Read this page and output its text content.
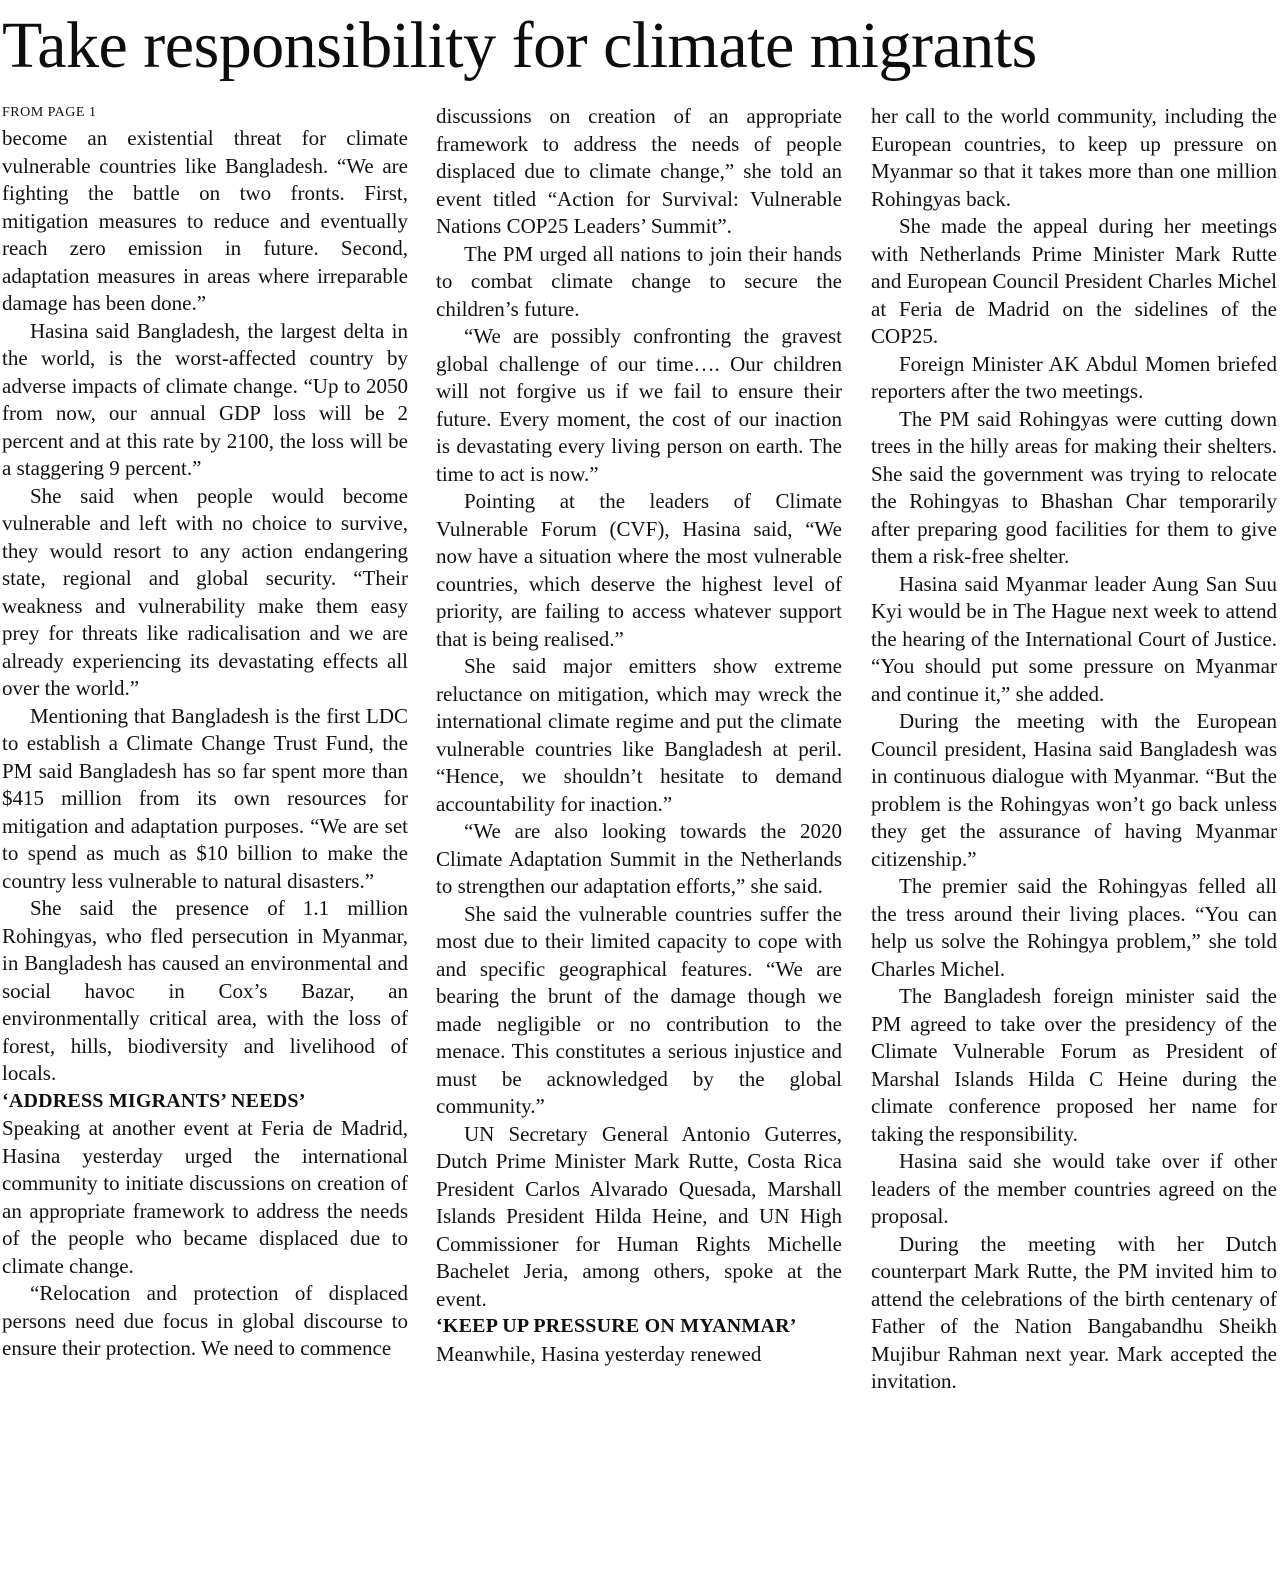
Take responsibility for climate migrants
FROM PAGE 1

become an existential threat for climate vulnerable countries like Bangladesh. “We are fighting the battle on two fronts. First, mitigation measures to reduce and eventually reach zero emission in future. Second, adaptation measures in areas where irreparable damage has been done.”

Hasina said Bangladesh, the largest delta in the world, is the worst-affected country by adverse impacts of climate change. “Up to 2050 from now, our annual GDP loss will be 2 percent and at this rate by 2100, the loss will be a staggering 9 percent.”

She said when people would become vulnerable and left with no choice to survive, they would resort to any action endangering state, regional and global security. “Their weakness and vulnerability make them easy prey for threats like radicalisation and we are already experiencing its devastating effects all over the world.”

Mentioning that Bangladesh is the first LDC to establish a Climate Change Trust Fund, the PM said Bangladesh has so far spent more than $415 million from its own resources for mitigation and adaptation purposes. “We are set to spend as much as $10 billion to make the country less vulnerable to natural disasters.”

She said the presence of 1.1 million Rohingyas, who fled persecution in Myanmar, in Bangladesh has caused an environmental and social havoc in Cox’s Bazar, an environmentally critical area, with the loss of forest, hills, biodiversity and livelihood of locals.

‘ADDRESS MIGRANTS’ NEEDS’

Speaking at another event at Feria de Madrid, Hasina yesterday urged the international community to initiate discussions on creation of an appropriate framework to address the needs of the people who became displaced due to climate change.

“Relocation and protection of displaced persons need due focus in global discourse to ensure their protection. We need to commence

discussions on creation of an appropriate framework to address the needs of people displaced due to climate change,” she told an event titled “Action for Survival: Vulnerable Nations COP25 Leaders’ Summit”.

The PM urged all nations to join their hands to combat climate change to secure the children’s future.

“We are possibly confronting the gravest global challenge of our time…. Our children will not forgive us if we fail to ensure their future. Every moment, the cost of our inaction is devastating every living person on earth. The time to act is now.”

Pointing at the leaders of Climate Vulnerable Forum (CVF), Hasina said, “We now have a situation where the most vulnerable countries, which deserve the highest level of priority, are failing to access whatever support that is being realised.”

She said major emitters show extreme reluctance on mitigation, which may wreck the international climate regime and put the climate vulnerable countries like Bangladesh at peril. “Hence, we shouldn’t hesitate to demand accountability for inaction.”

“We are also looking towards the 2020 Climate Adaptation Summit in the Netherlands to strengthen our adaptation efforts,” she said.

She said the vulnerable countries suffer the most due to their limited capacity to cope with and specific geographical features. “We are bearing the brunt of the damage though we made negligible or no contribution to the menace. This constitutes a serious injustice and must be acknowledged by the global community.”

UN Secretary General Antonio Guterres, Dutch Prime Minister Mark Rutte, Costa Rica President Carlos Alvarado Quesada, Marshall Islands President Hilda Heine, and UN High Commissioner for Human Rights Michelle Bachelet Jeria, among others, spoke at the event.

‘KEEP UP PRESSURE ON MYANMAR’

Meanwhile, Hasina yesterday renewed

her call to the world community, including the European countries, to keep up pressure on Myanmar so that it takes more than one million Rohingyas back.

She made the appeal during her meetings with Netherlands Prime Minister Mark Rutte and European Council President Charles Michel at Feria de Madrid on the sidelines of the COP25.

Foreign Minister AK Abdul Momen briefed reporters after the two meetings.

The PM said Rohingyas were cutting down trees in the hilly areas for making their shelters. She said the government was trying to relocate the Rohingyas to Bhashan Char temporarily after preparing good facilities for them to give them a risk-free shelter.

Hasina said Myanmar leader Aung San Suu Kyi would be in The Hague next week to attend the hearing of the International Court of Justice. “You should put some pressure on Myanmar and continue it,” she added.

During the meeting with the European Council president, Hasina said Bangladesh was in continuous dialogue with Myanmar. “But the problem is the Rohingyas won’t go back unless they get the assurance of having Myanmar citizenship.”

The premier said the Rohingyas felled all the tress around their living places. “You can help us solve the Rohingya problem,” she told Charles Michel.

The Bangladesh foreign minister said the PM agreed to take over the presidency of the Climate Vulnerable Forum as President of Marshal Islands Hilda C Heine during the climate conference proposed her name for taking the responsibility.

Hasina said she would take over if other leaders of the member countries agreed on the proposal.

During the meeting with her Dutch counterpart Mark Rutte, the PM invited him to attend the celebrations of the birth centenary of Father of the Nation Bangabandhu Sheikh Mujibur Rahman next year. Mark accepted the invitation.
